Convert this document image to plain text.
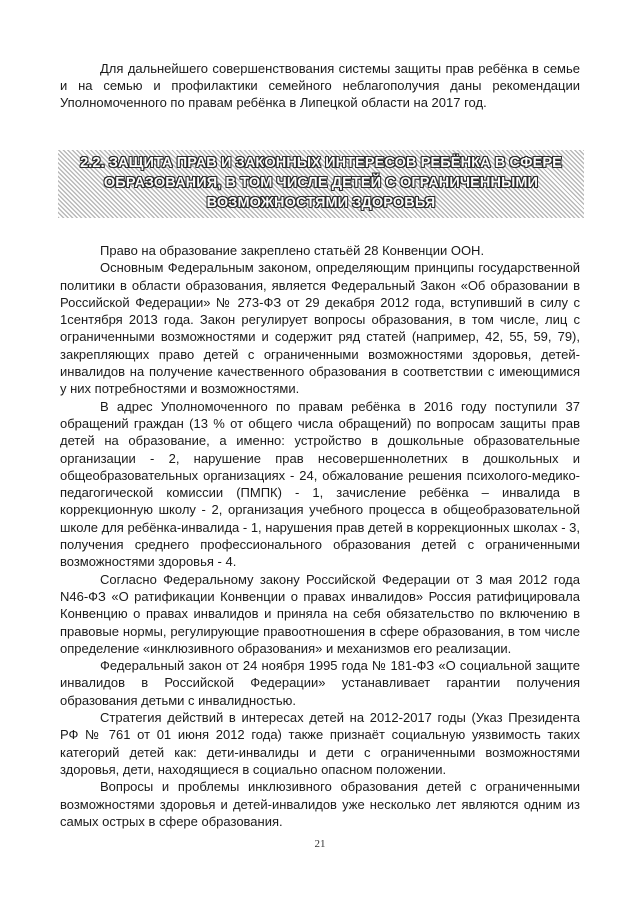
Для дальнейшего совершенствования системы защиты прав ребёнка в семье и на семью и профилактики семейного неблагополучия даны рекомендации Уполномоченного по правам ребёнка в Липецкой области на 2017 год.

2.2. ЗАЩИТА ПРАВ И ЗАКОННЫХ ИНТЕРЕСОВ РЕБЁНКА В СФЕРЕ
ОБРАЗОВАНИЯ, В ТОМ ЧИСЛЕ ДЕТЕЙ С ОГРАНИЧЕННЫМИ
ВОЗМОЖНОСТЯМИ ЗДОРОВЬЯ

Право на образование закреплено статьёй 28 Конвенции ООН.

Основным Федеральным законом, определяющим принципы государственной политики в области образования, является Федеральный Закон «Об образовании в Российской Федерации» № 273-ФЗ от 29 декабря 2012 года, вступивший в силу с 1сентября 2013 года. Закон регулирует вопросы образования, в том числе, лиц с ограниченными возможностями и содержит ряд статей (например, 42, 55, 59, 79), закрепляющих право детей с ограниченными возможностями здоровья, детей-инвалидов на получение качественного образования в соответствии с имеющимися у них потребностями и возможностями.

В адрес Уполномоченного по правам ребёнка в 2016 году поступили 37 обращений граждан (13 % от общего числа обращений) по вопросам защиты прав детей на образование, а именно: устройство в дошкольные образовательные организации - 2, нарушение прав несовершеннолетних в дошкольных и общеобразовательных организациях - 24, обжалование решения психолого-медико-педагогической комиссии (ПМПК) - 1, зачисление ребёнка – инвалида в коррекционную школу - 2, организация учебного процесса в общеобразовательной школе для ребёнка-инвалида - 1, нарушения прав детей в коррекционных школах - 3, получения среднего профессионального образования детей с ограниченными возможностями здоровья - 4.

Согласно Федеральному закону Российской Федерации от 3 мая 2012 года N46-ФЗ «О ратификации Конвенции о правах инвалидов» Россия ратифицировала Конвенцию о правах инвалидов и приняла на себя обязательство по включению в правовые нормы, регулирующие правоотношения в сфере образования, в том числе определение «инклюзивного образования» и механизмов его реализации.

Федеральный закон от 24 ноября 1995 года № 181-ФЗ «О социальной защите инвалидов в Российской Федерации» устанавливает гарантии получения образования детьми с инвалидностью.

Стратегия действий в интересах детей на 2012-2017 годы (Указ Президента РФ № 761 от 01 июня 2012 года) также признаёт социальную уязвимость таких категорий детей как: дети-инвалиды и дети с ограниченными возможностями здоровья, дети, находящиеся в социально опасном положении.

Вопросы и проблемы инклюзивного образования детей с ограниченными возможностями здоровья и детей-инвалидов уже несколько лет являются одним из самых острых в сфере образования.

21
